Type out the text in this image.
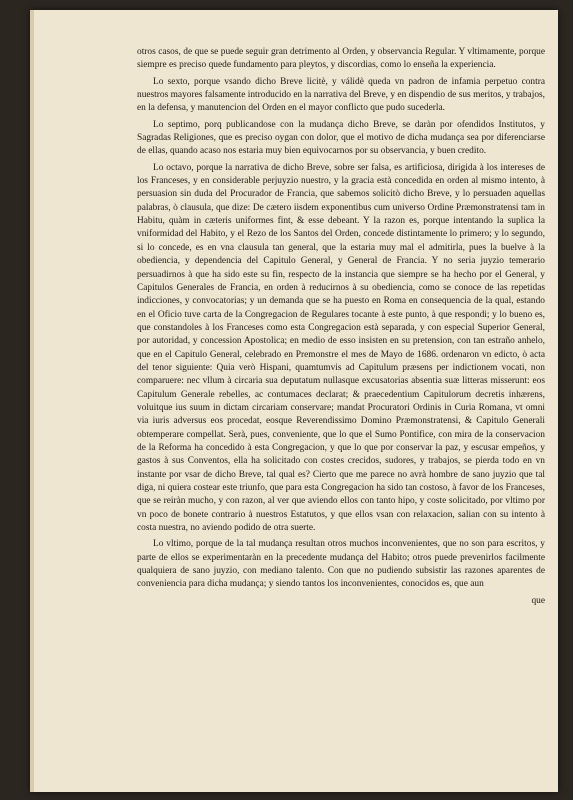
otros casos, de que se puede seguir gran detrimento al Orden, y observancia Regular. Y vltimamente, porque siempre es preciso quede fundamento para pleytos, y discordias, como lo enseña la experiencia.

Lo sexto, porque vsando dicho Breve licitè, y válidè queda vn padron de infamia perpetuo contra nuestros mayores falsamente introducido en la narrativa del Breve, y en dispendio de sus meritos, y trabajos, en la defensa, y manutencion del Orden en el mayor conflicto que pudo sucederla.

Lo septimo, porq publicandose con la mudança dicho Breve, se daràn por ofendidos Institutos, y Sagradas Religiones, que es preciso oygan con dolor, que el motivo de dicha mudança sea por diferenciarse de ellas, quando acaso nos estaria muy bien equivocarnos por su observancia, y buen credito.

Lo octavo, porque la narrativa de dicho Breve, sobre ser falsa, es artificiosa, dirigida à los intereses de los Franceses, y en considerable perjuyzio nuestro, y la gracia està concedida en orden al mismo intento, à persuasion sin duda del Procurador de Francia, que sabemos solicitò dicho Breve, y lo persuaden aquellas palabras, ò clausula, que dize: De cætero iisdem exponentibus cum universo Ordine Præmonstratensi tam in Habitu, quàm in cæteris uniformes fint, & esse debeant. Y la razon es, porque intentando la suplica la vniformidad del Habito, y el Rezo de los Santos del Orden, concede distintamente lo primero; y lo segundo, si lo concede, es en vna clausula tan general, que la estaria muy mal el admitirla, pues la buelve à la obediencia, y dependencia del Capitulo General, y General de Francia. Y no seria juyzio temerario persuadirnos à que ha sido este su fin, respecto de la instancia que siempre se ha hecho por el General, y Capitulos Generales de Francia, en orden à reducirnos à su obediencia, como se conoce de las repetidas indicciones, y convocatorias; y un demanda que se ha puesto en Roma en consequencia de la qual, estando en el Oficio tuve carta de la Congregacion de Regulares tocante à este punto, à que respondi; y lo bueno es, que constandoles à los Franceses como esta Congregacion està separada, y con especial Superior General, por autoridad, y concession Apostolica; en medio de esso insisten en su pretension, con tan estraño anhelo, que en el Capitulo General, celebrado en Premonstre el mes de Mayo de 1686. ordenaron vn edicto, ò acta del tenor siguiente: Quia verò Hispani, quamtumvis ad Capitulum præsens per indictionem vocati, non comparuere: nec vllum à circaria sua deputatum nullasque excusatorias absentia suæ litteras misserunt: eos Capitulum Generale rebelles, ac contumaces declarat; & praecedentium Capitulorum decretis inhærens, voluitque ius suum in dictam circariam conservare; mandat Procuratori Ordinis in Curia Romana, vt omni via iuris adversus eos procedat, eosque Reverendissimo Domino Præmonstratensi, & Capitulo Generali obtemperare compellat. Serà, pues, conveniente, que lo que el Sumo Pontifice, con mira de la conservacion de la Reforma ha concedido à esta Congregacion, y que lo que por conservar la paz, y escusar empeños, y gastos à sus Conventos, ella ha solicitado con costes crecidos, sudores, y trabajos, se pierda todo en vn instante por vsar de dicho Breve, tal qual es? Cierto que me parece no avrà hombre de sano juyzio que tal diga, ni quiera costear este triunfo, que para esta Congregacion ha sido tan costoso, à favor de los Franceses, que se reiràn mucho, y con razon, al ver que aviendo ellos con tanto hipo, y coste solicitado, por vltimo por vn poco de bonete contrario à nuestros Estatutos, y que ellos vsan con relaxacion, salian con su intento à costa nuestra, no aviendo podido de otra suerte.

Lo vltimo, porque de la tal mudança resultan otros muchos inconvenientes, que no son para escritos, y parte de ellos se experimentaràn en la precedente mudança del Habito; otros puede prevenirlos facilmente qualquiera de sano juyzio, con mediano talento. Con que no pudiendo subsistir las razones aparentes de conveniencia para dicha mudança; y siendo tantos los inconvenientes, conocidos es, que aun

que
